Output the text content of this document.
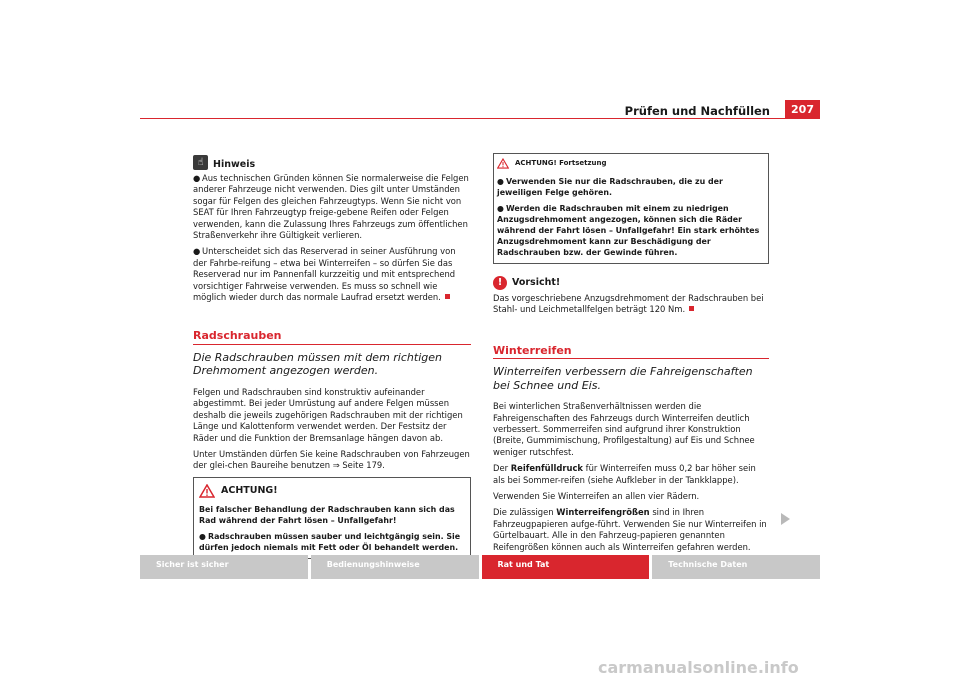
Prüfen und Nachfüllen	207
☝ Hinweis

● Aus technischen Gründen können Sie normalerweise die Felgen anderer Fahrzeuge nicht verwenden. Dies gilt unter Umständen sogar für Felgen des gleichen Fahrzeugtyps. Wenn Sie nicht von SEAT für Ihren Fahrzeugtyp freige-gebene Reifen oder Felgen verwenden, kann die Zulassung Ihres Fahrzeugs zum öffentlichen Straßenverkehr ihre Gültigkeit verlieren.

● Unterscheidet sich das Reserverad in seiner Ausführung von der Fahrbe-reifung – etwa bei Winterreifen – so dürfen Sie das Reserverad nur im Pannenfall kurzzeitig und mit entsprechend vorsichtiger Fahrweise verwenden. Es muss so schnell wie möglich wieder durch das normale Laufrad ersetzt werden.

Radschrauben
Die Radschrauben müssen mit dem richtigen Drehmoment angezogen werden.

Felgen und Radschrauben sind konstruktiv aufeinander abgestimmt. Bei jeder Umrüstung auf andere Felgen müssen deshalb die jeweils zugehörigen Radschrauben mit der richtigen Länge und Kalottenform verwendet werden. Der Festsitz der Räder und die Funktion der Bremsanlage hängen davon ab.

Unter Umständen dürfen Sie keine Radschrauben von Fahrzeugen der glei-chen Baureihe benutzen ⇒ Seite 179.

ACHTUNG!

Bei falscher Behandlung der Radschrauben kann sich das Rad während der Fahrt lösen – Unfallgefahr!

● Radschrauben müssen sauber und leichtgängig sein. Sie dürfen jedoch niemals mit Fett oder Öl behandelt werden.

ACHTUNG! Fortsetzung

● Verwenden Sie nur die Radschrauben, die zu der jeweiligen Felge gehören.

● Werden die Radschrauben mit einem zu niedrigen Anzugsdrehmoment angezogen, können sich die Räder während der Fahrt lösen – Unfallgefahr! Ein stark erhöhtes Anzugsdrehmoment kann zur Beschädigung der Radschrauben bzw. der Gewinde führen.

!	Vorsicht!

Das vorgeschriebene Anzugsdrehmoment der Radschrauben bei Stahl- und Leichmetallfelgen beträgt 120 Nm.

Winterreifen
Winterreifen verbessern die Fahreigenschaften bei Schnee und Eis.

Bei winterlichen Straßenverhältnissen werden die Fahreigenschaften des Fahrzeugs durch Winterreifen deutlich verbessert. Sommerreifen sind aufgrund ihrer Konstruktion (Breite, Gummimischung, Profilgestaltung) auf Eis und Schnee weniger rutschfest.

Der Reifenfülldruck für Winterreifen muss 0,2 bar höher sein als bei Sommer-reifen (siehe Aufkleber in der Tankklappe).

Verwenden Sie Winterreifen an allen vier Rädern.

Die zulässigen Winterreifengrößen sind in Ihren Fahrzeugpapieren aufge-führt. Verwenden Sie nur Winterreifen in Gürtelbauart. Alle in den Fahrzeug-papieren genannten Reifengrößen können auch als Winterreifen gefahren werden.

Sicher ist sicher	Bedienungshinweise	Rat und Tat	Technische Daten
carmanualsonline.info
